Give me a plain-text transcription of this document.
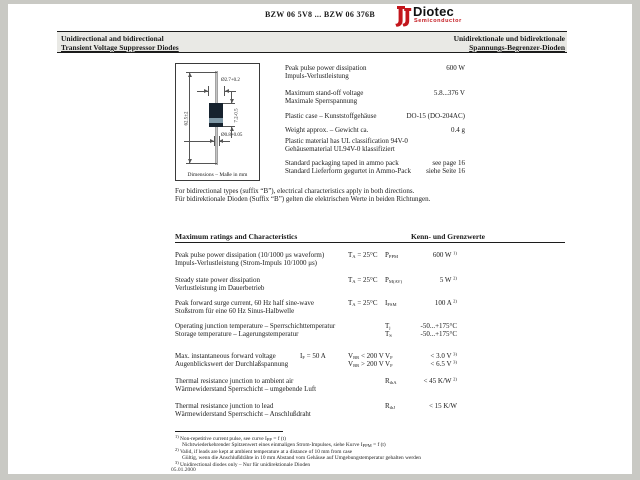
BZW 06 5V8 ... BZW 06 376B	Diotec
Semiconductor
Unidirectional and bidirectional
Transient Voltage Suppressor Diodes
Unidirektionale und bidirektionale
Spannungs-Begrenzer-Dioden
62.5±2
Ø2.7+0.2
7.2-0.5
Ø0.8+0.05
Dimensions – Maße in mm
Peak pulse power dissipation
Impuls-Verlustleistung
600 W
Maximum stand-off voltage
Maximale Sperrspannung
5.8...376 V
Plastic case – Kunststoffgehäuse	DO-15 (DO-204AC)
Weight approx. – Gewicht ca.	0.4 g
Plastic material has UL classification 94V-0
Gehäusematerial UL94V-0 klassifiziert
Standard packaging taped in ammo pack
Standard Lieferform gegurtet in Ammo-Pack
see page 16
siehe Seite 16
For bidirectional types (suffix “B”), electrical characteristics apply in both directions.
Für bidirektionale Dioden (Suffix “B”) gelten die elektrischen Werte in beiden Richtungen.
Maximum ratings and Characteristics	Kenn- und Grenzwerte
Peak pulse power dissipation (10/1000 μs waveform)
Impuls-Verlustleistung (Strom-Impuls 10/1000 μs)
$T_A = 25^\circ C$ $P_{PPM}$	600 W $^{1)}$
Steady state power dissipation
Verlustleistung im Dauerbetrieb
$T_A = 25^\circ C$ $P_{M(AV)}$	5 W $^{2)}$
Peak forward surge current, 60 Hz half sine-wave
Stoßstrom für eine 60 Hz Sinus-Halbwelle
$T_A = 25^\circ C$ $I_{FSM}$	100 A $^{2)}$
Operating junction temperature – Sperrschichttemperatur
Storage temperature – Lagerungstemperatur
$T_j$	-50...+175°C
$T_S$	-50...+175°C
Max. instantaneous forward voltage
Augenblickswert der Durchlaßspannung
$I_F = 50$ A	$V_{BR} < 200$ V $V_F$	< 3.0 V $^{3)}$
$V_{BR} > 200$ V $V_F$	< 6.5 V $^{3)}$
Thermal resistance junction to ambient air
Wärmewiderstand Sperrschicht – umgebende Luft
$R_{thA}$	< 45 K/W $^{2)}$
Thermal resistance junction to lead
Wärmewiderstand Sperrschicht – Anschlußdraht
$R_{thJ}$	< 15 K/W
$^{1)}$ Non-repetitive current pulse, see curve $I_{PP} = f$ (t)
Nichtwiederkehrender Spitzenwert eines einmaligen Strom-Impulses, siehe Kurve $I_{PPM} = f$ (t)
$^{2)}$ Valid, if leads are kept at ambient temperature at a distance of 10 mm from case
Gültig, wenn die Anschlußdrähte in 10 mm Abstand vom Gehäuse auf Umgebungstemperatur gehalten werden
$^{3)}$ Unidirectional diodes only – Nur für unidirektionale Dioden
05.01.2000
